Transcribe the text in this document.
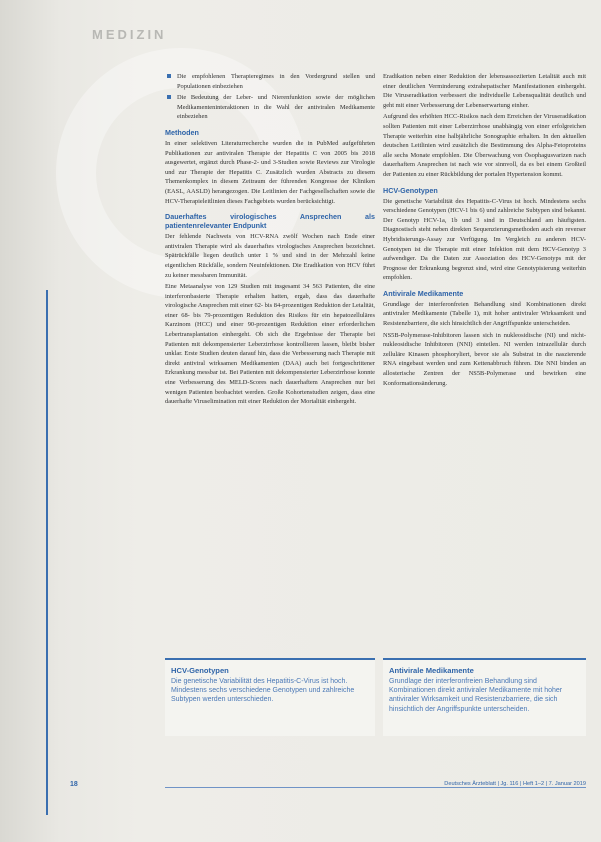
MEDIZIN
Die empfohlenen Therapieregimes in den Vordergrund stellen und Populationen einbeziehen
Die Bedeutung der Leber- und Nierenfunktion sowie der möglichen Medikamenteninteraktionen in die Wahl der antiviralen Medikamente einbeziehen
Methoden

In einer selektiven Literaturrecherche wurden die in PubMed aufgeführten Publikationen zur antiviralen Therapie der Hepatitis C von 2005 bis 2018 ausgewertet, ergänzt durch Phase-2- und 3-Studien sowie Reviews zur Virologie und zur Therapie der Hepatitis C. Zusätzlich wurden Abstracts zu diesem Themenkomplex in diesem Zeitraum der führenden Kongresse der Kliniken (EASL, AASLD) herangezogen. Die Leitlinien der Fachgesellschaften sowie die HCV-Therapieleitlinien dieses Fachgebiets wurden berücksichtigt.

Dauerhaftes virologisches Ansprechen als patientenrelevanter Endpunkt

Der fehlende Nachweis von HCV-RNA zwölf Wochen nach Ende einer antiviralen Therapie wird als dauerhaftes virologisches Ansprechen bezeichnet. Spätrückfälle liegen deutlich unter 1 % und sind in der Mehrzahl keine eigentlichen Rückfälle, sondern Neuinfektionen. Die Eradikation von HCV führt zu keiner messbaren Immunität.

Eine Metaanalyse von 129 Studien mit insgesamt 34 563 Patienten, die eine interferonbasierte Therapie erhalten hatten, ergab, dass das dauerhafte virologische Ansprechen mit einer 62- bis 84-prozentigen Reduktion der Letalität, einer 68- bis 79-prozentigen Reduktion des Risikos für ein hepatozelluläres Karzinom (HCC) und einer 90-prozentigen Reduktion einer erforderlichen Lebertransplantation einhergeht. Ob sich die Ergebnisse der Therapie bei Patienten mit dekompensierter Leberzirrhose kontrollieren lassen, bleibt bisher unklar. Erste Studien deuten darauf hin, dass die Verbesserung nach Therapie mit direkt antiviral wirksamen Medikamenten (DAA) auch bei fortgeschrittener Erkrankung messbar ist. Bei Patienten mit dekompensierter Leberzirrhose konnte eine Verbesserung des MELD-Scores nach dauerhaftem Ansprechen nur bei wenigen Patienten beobachtet werden. Große Kohortenstudien zeigen, dass eine dauerhafte Viruselimination mit einer Reduktion der Mortalität einhergeht.

Eradikation neben einer Reduktion der lebensassoziierten Letalität auch mit einer deutlichen Verminderung extrahepatischer Manifestationen einhergeht. Die Viruseradikation verbessert die individuelle Lebensqualität deutlich und geht mit einer Verbesserung der Lebenserwartung einher.

Aufgrund des erhöhten HCC-Risikos nach dem Erreichen der Viruseradikation sollten Patienten mit einer Leberzirrhose unabhängig von einer erfolgreichen Therapie weiterhin eine halbjährliche Sonographie erhalten. In den aktuellen deutschen Leitlinien wird zusätzlich die Bestimmung des Alpha-Fetoproteins alle sechs Monate empfohlen. Die Überwachung von Ösophagusvarizen nach dauerhaftem Ansprechen ist nach wie vor sinnvoll, da es bei einem Großteil der Patienten zu einer Rückbildung der portalen Hypertension kommt.

HCV-Genotypen

Die genetische Variabilität des Hepatitis-C-Virus ist hoch. Mindestens sechs verschiedene Genotypen (HCV-1 bis 6) und zahlreiche Subtypen sind bekannt. Der Genotyp HCV-1a, 1b und 3 sind in Deutschland am häufigsten. Diagnostisch steht neben direkten Sequenzierungsmethoden auch ein reverser Hybridisierungs-Assay zur Verfügung. Im Vergleich zu anderen HCV-Genotypen ist die Therapie mit einer Infektion mit dem HCV-Genotyp 3 aufwendiger. Da die Daten zur Assoziation des HCV-Genotyps mit der Prognose der Erkrankung begrenzt sind, wird eine Genotypisierung weiterhin empfohlen.

Antivirale Medikamente

Grundlage der interferonfreien Behandlung sind Kombinationen direkt antiviraler Medikamente (Tabelle 1), mit hoher antiviraler Wirksamkeit und Resistenzbarriere, die sich hinsichtlich der Angriffspunkte unterscheiden.

NS5B-Polymerase-Inhibitoren lassen sich in nukleosidische (NI) und nicht-nukleosidische Inhibitoren (NNI) einteilen. NI werden intrazellulär durch zelluläre Kinasen phosphoryliert, bevor sie als Substrat in die naszierende RNA eingebaut werden und zum Kettenabbruch führen. Die NNI binden an allosterische Zentren der NS5B-Polymerase und bewirken eine Konformationsänderung.

HCV-Genotypen
Die genetische Variabilität des Hepatitis-C-Virus ist hoch. Mindestens sechs verschiedene Genotypen und zahlreiche Subtypen werden unterschieden.
Antivirale Medikamente
Grundlage der interferonfreien Behandlung sind Kombinationen direkt antiviraler Medikamente mit hoher antiviraler Wirksamkeit und Resistenzbarriere, die sich hinsichtlich der Angriffspunkte unterscheiden.
18	Deutsches Ärzteblatt | Jg. 116 | Heft 1–2 | 7. Januar 2019
